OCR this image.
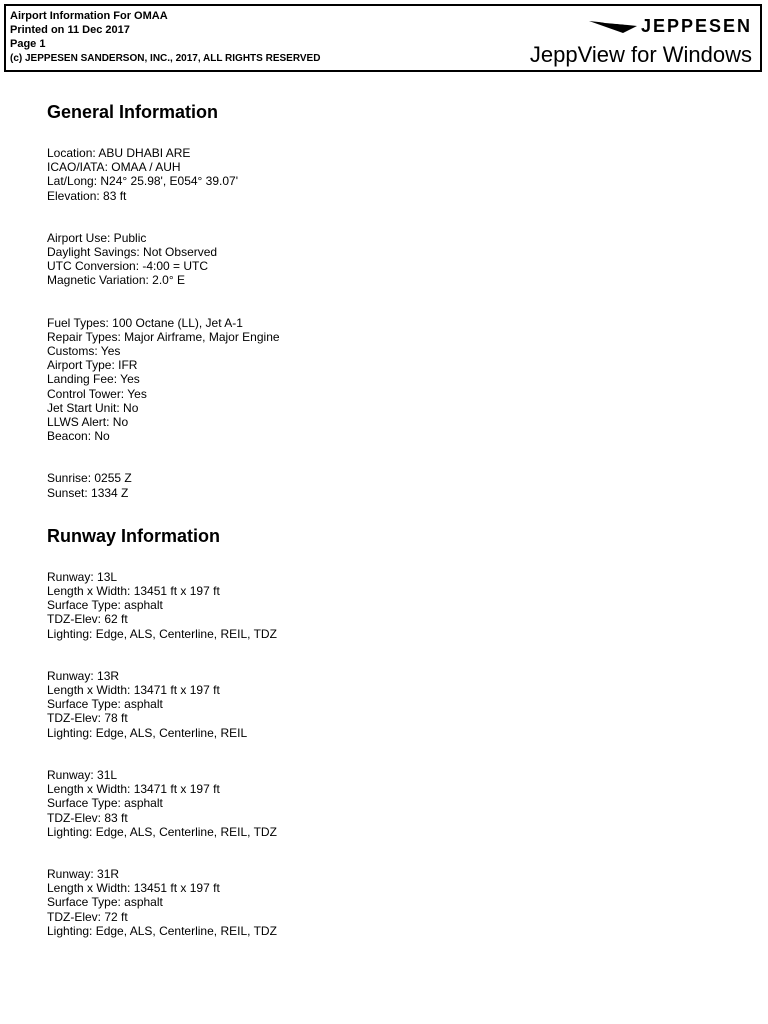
Airport Information For OMAA
Printed on 11 Dec 2017
Page 1
(c) JEPPESEN SANDERSON, INC., 2017, ALL RIGHTS RESERVED
JEPPESEN
JeppView for Windows
General Information
Location: ABU DHABI ARE
ICAO/IATA: OMAA / AUH
Lat/Long: N24° 25.98', E054° 39.07'
Elevation: 83 ft
Airport Use: Public
Daylight Savings: Not Observed
UTC Conversion: -4:00 = UTC
Magnetic Variation: 2.0° E
Fuel Types: 100 Octane (LL), Jet A-1
Repair Types: Major Airframe, Major Engine
Customs: Yes
Airport Type: IFR
Landing Fee: Yes
Control Tower: Yes
Jet Start Unit: No
LLWS Alert: No
Beacon: No
Sunrise: 0255 Z
Sunset: 1334 Z
Runway Information
Runway: 13L
Length x Width: 13451 ft x 197 ft
Surface Type: asphalt
TDZ-Elev: 62 ft
Lighting: Edge, ALS, Centerline, REIL, TDZ
Runway: 13R
Length x Width: 13471 ft x 197 ft
Surface Type: asphalt
TDZ-Elev: 78 ft
Lighting: Edge, ALS, Centerline, REIL
Runway: 31L
Length x Width: 13471 ft x 197 ft
Surface Type: asphalt
TDZ-Elev: 83 ft
Lighting: Edge, ALS, Centerline, REIL, TDZ
Runway: 31R
Length x Width: 13451 ft x 197 ft
Surface Type: asphalt
TDZ-Elev: 72 ft
Lighting: Edge, ALS, Centerline, REIL, TDZ
